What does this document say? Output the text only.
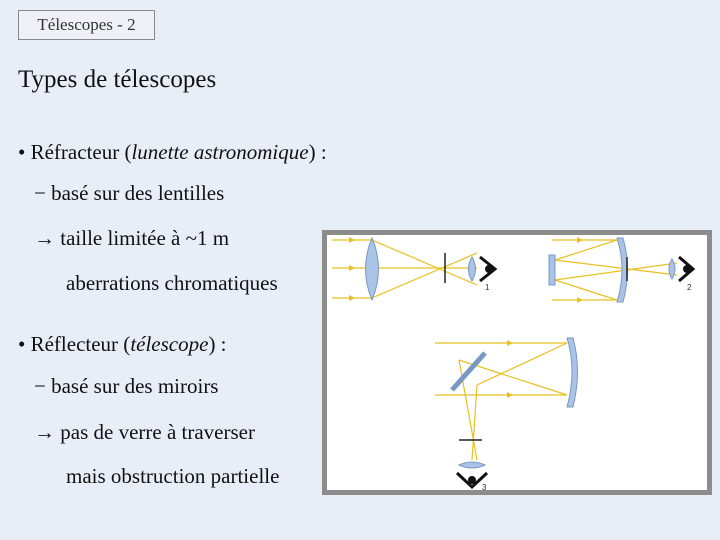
Télescopes - 2
Types de télescopes
• Réfracteur (lunette astronomique) :
− basé sur des lentilles
→ taille limitée à ~1 m
aberrations chromatiques
• Réflecteur (télescope) :
− basé sur des miroirs
→ pas de verre à traverser
mais obstruction partielle
1	2
3
